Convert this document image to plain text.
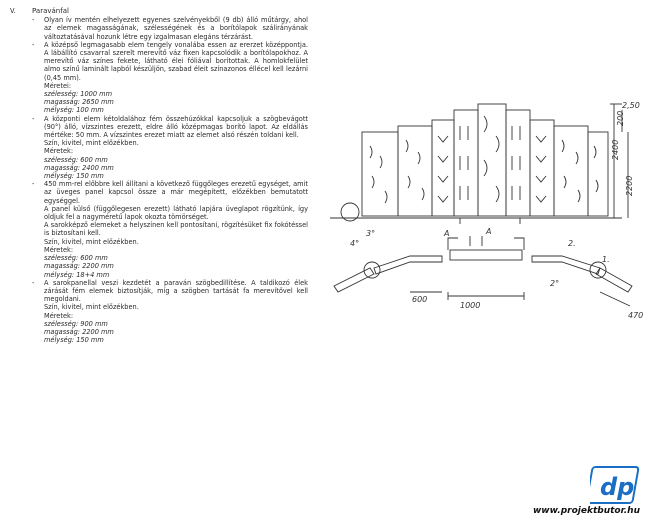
V.	Paravánfal
- Olyan ív mentén elhelyezett egyenes szelvényekből (9 db) álló műtárgy, ahol az elemek magasságának, szélességének és a borítólapok szálirányának változtatásával hozunk létre egy izgalmasan elegáns térzárást.
- A középső legmagasabb elem tengely vonalába essen az ererzet középpontja. A lábállító csavarral szerelt merevítő váz fixen kapcsolódik a borítólapokhoz. A merevítő váz színes fekete, látható élei fóliával borítottak. A homlokfelület almo színű laminált lapból készüljön, szabad éleit színazonos éllécel kell lezárni (0,45 mm).
Méretei:
szélesség: 1000 mm
magasság: 2650 mm
mélység: 100 mm
- A központi elem kétoldalához fém összehúzókkal kapcsoljuk a szögbevágott (90°) álló, vízszintes erezett, eldre álló középmagas borító lapot. Az eldállás mértéke: 50 mm. A vízszintes erezet miatt az elemet alsó részén toldani kell.
Szín, kivitel, mint előzékben.
Méretek:
szélesség: 600 mm
magasság: 2400 mm
mélység: 150 mm
- 450 mm-rel előbbre kell állítani a következő függőleges erezetű egységet, amit az üveges panel kapcsol össze a már megépített, előzékben bemutatott egységgel.
A panel külső (függőlegesen erezett) látható lapjára üveglapot rögzítünk, így oldjuk fel a nagyméretű lapok okozta tömörséget.
A sarokképző elemeket a helyszínen kell pontosítani, rögzítésüket fix fokótéssel is biztosítani kell.
Szín, kivitel, mint előzékben.
Méretek:
szélesség: 600 mm
magasság: 2200 mm
mélység: 18+4 mm
- A sarokpanellal veszi kezdetét a paraván szögbedillítése. A taldikozó élek zárását fém elemek biztosítják, míg a szögben tartását fa merevítővel kell megoldani.
Szín, kivitel, mint előzékben.
Méretek:
szélesség: 900 mm
magasság: 2200 mm
mélység: 150 mm
2,50
200
2400
2200
A
3°	A
4°	2.
1.
600
1000
2°
470
dp
www.projektbutor.hu
